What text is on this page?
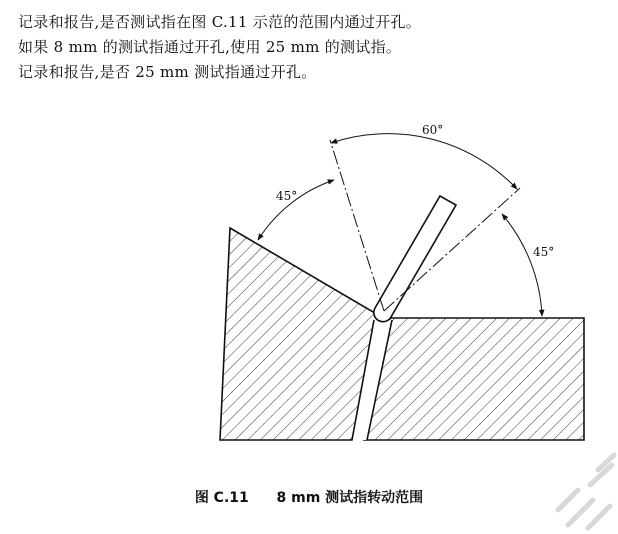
记录和报告,是否测试指在图 C.11 示范的范围内通过开孔。

如果 8 mm 的测试指通过开孔,使用 25 mm 的测试指。

记录和报告,是否 25 mm 测试指通过开孔。

60°
45°
45°
图 C.11 8 mm 测试指转动范围
